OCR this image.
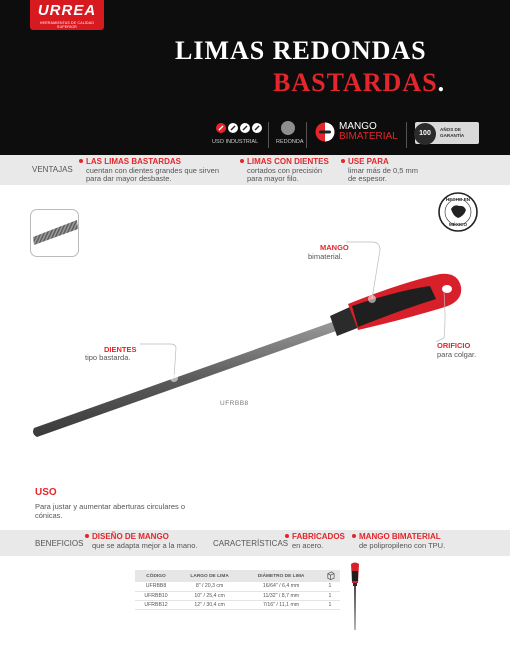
URREA
HERRAMIENTAS DE CALIDAD SUPERIOR
LIMAS REDONDAS
BASTARDAS.
USO INDUSTRIAL	REDONDA
MANGO
BIMATERIAL	100
AÑOS DE
GARANTÍA
VENTAJAS
LAS LIMAS BASTARDAS
cuentan con dientes grandes que sirven
para dar mayor desbaste.
LIMAS CON DIENTES
cortados con precisión
para mayor filo.
USE PARA
limar más de 0,5 mm
de espesor.
HECHO EN
MÉXICO
MANGO
bimaterial.
DIENTES
tipo bastarda.
ORIFICIO
para colgar.
UFRBB8
USO
Para justar y aumentar aberturas circulares o cónicas.
BENEFICIOS
DISEÑO DE MANGO
que se adapta mejor a la mano. CARACTERÍSTICAS
FABRICADOS
en acero.
MANGO BIMATERIAL
de polipropileno con TPU.
CÓDIGO	LARGO DE LIMA	DIÁMETRO DE LIMA	
UFRBB8	8" / 20,3 cm	16/64" / 6,4 mm	1
UFRBB10	10" / 25,4 cm	11/32" / 8,7 mm	1
UFRBB12	12" / 30,4 cm	7/16" / 11,1 mm	1
